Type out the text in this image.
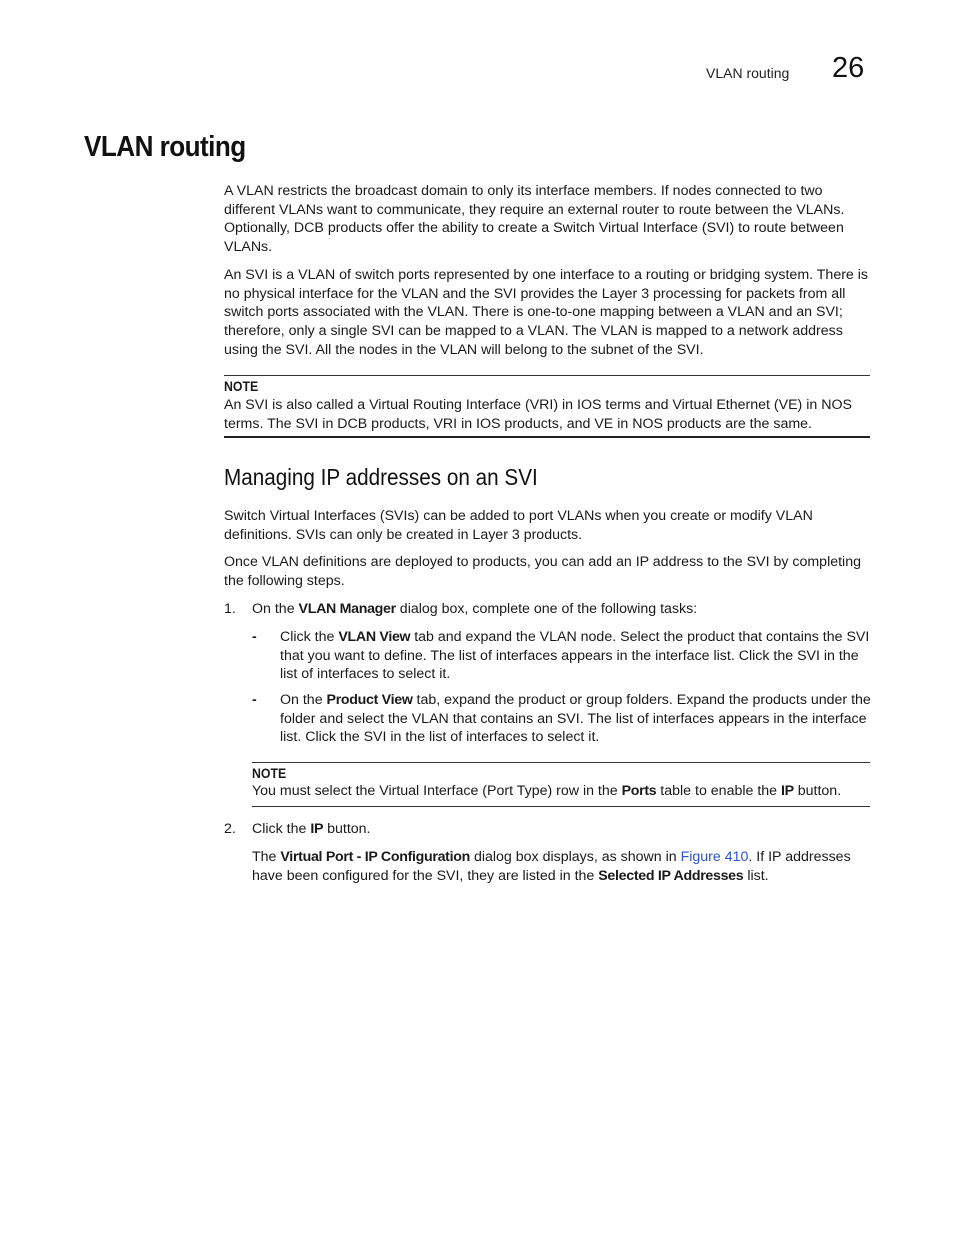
VLAN routing 26
VLAN routing

A VLAN restricts the broadcast domain to only its interface members. If nodes connected to two different VLANs want to communicate, they require an external router to route between the VLANs. Optionally, DCB products offer the ability to create a Switch Virtual Interface (SVI) to route between VLANs.

An SVI is a VLAN of switch ports represented by one interface to a routing or bridging system. There is no physical interface for the VLAN and the SVI provides the Layer 3 processing for packets from all switch ports associated with the VLAN. There is one-to-one mapping between a VLAN and an SVI; therefore, only a single SVI can be mapped to a VLAN. The VLAN is mapped to a network address using the SVI. All the nodes in the VLAN will belong to the subnet of the SVI.

NOTE

An SVI is also called a Virtual Routing Interface (VRI) in IOS terms and Virtual Ethernet (VE) in NOS terms. The SVI in DCB products, VRI in IOS products, and VE in NOS products are the same.

Managing IP addresses on an SVI

Switch Virtual Interfaces (SVIs) can be added to port VLANs when you create or modify VLAN definitions. SVIs can only be created in Layer 3 products.

Once VLAN definitions are deployed to products, you can add an IP address to the SVI by completing the following steps.

1. On the VLAN Manager dialog box, complete one of the following tasks:

- Click the VLAN View tab and expand the VLAN node. Select the product that contains the SVI that you want to define. The list of interfaces appears in the interface list. Click the SVI in the list of interfaces to select it.

- On the Product View tab, expand the product or group folders. Expand the products under the folder and select the VLAN that contains an SVI. The list of interfaces appears in the interface list. Click the SVI in the list of interfaces to select it.

NOTE

You must select the Virtual Interface (Port Type) row in the Ports table to enable the IP button.

2. Click the IP button.

The Virtual Port - IP Configuration dialog box displays, as shown in Figure 410. If IP addresses have been configured for the SVI, they are listed in the Selected IP Addresses list.
